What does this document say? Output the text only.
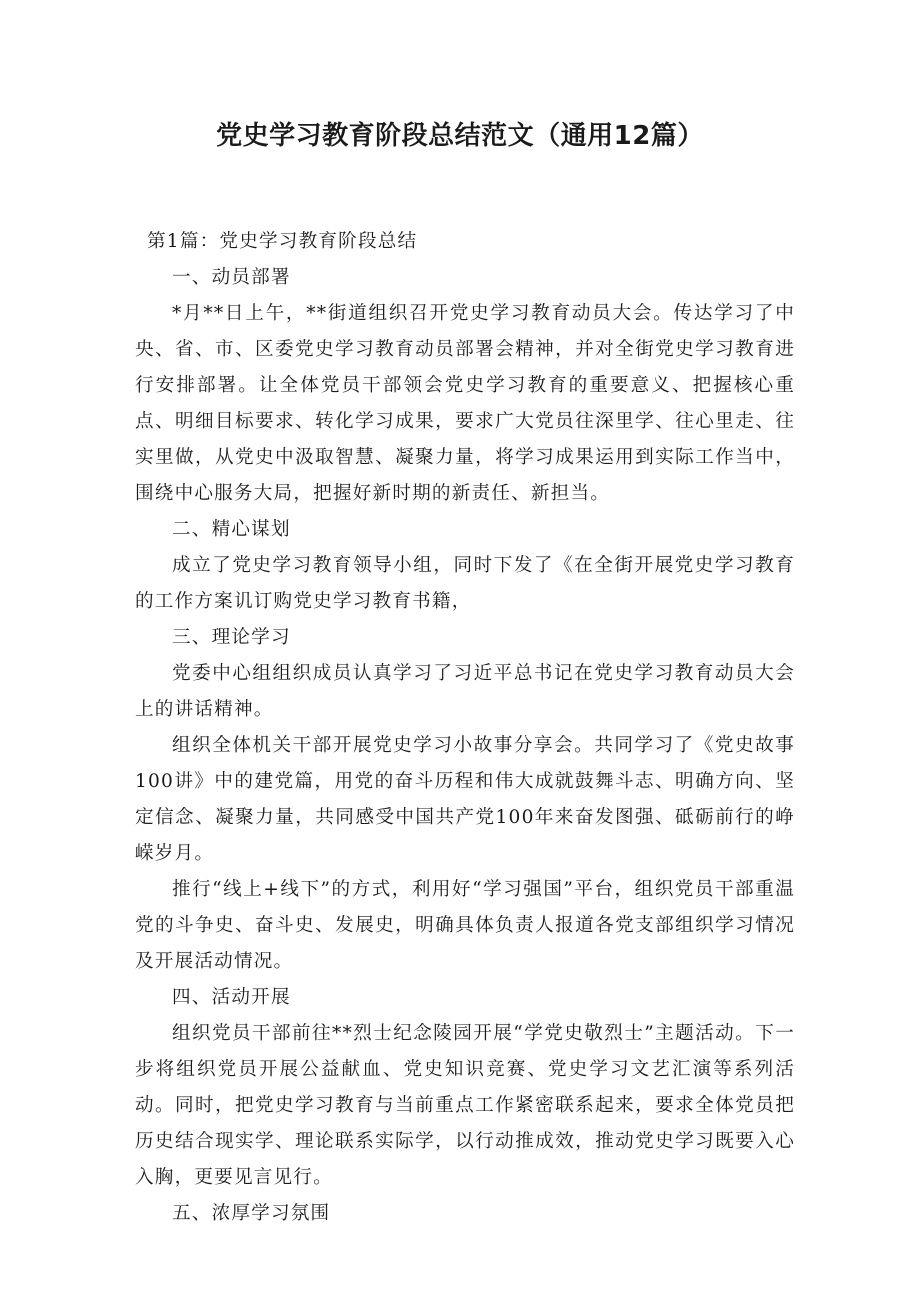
党史学习教育阶段总结范文（通用12篇）

第1篇：党史学习教育阶段总结

一、动员部署

*月**日上午，**街道组织召开党史学习教育动员大会。传达学习了中央、省、市、区委党史学习教育动员部署会精神，并对全街党史学习教育进行安排部署。让全体党员干部领会党史学习教育的重要意义、把握核心重点、明细目标要求、转化学习成果，要求广大党员往深里学、往心里走、往实里做，从党史中汲取智慧、凝聚力量，将学习成果运用到实际工作当中，围绕中心服务大局，把握好新时期的新责任、新担当。

二、精心谋划

成立了党史学习教育领导小组，同时下发了《在全街开展党史学习教育的工作方案讥订购党史学习教育书籍，

三、理论学习

党委中心组组织成员认真学习了习近平总书记在党史学习教育动员大会上的讲话精神。

组织全体机关干部开展党史学习小故事分享会。共同学习了《党史故事100讲》中的建党篇，用党的奋斗历程和伟大成就鼓舞斗志、明确方向、坚定信念、凝聚力量，共同感受中国共产党100年来奋发图强、砥砺前行的峥嵘岁月。

推行“线上+线下”的方式，利用好“学习强国”平台，组织党员干部重温党的斗争史、奋斗史、发展史，明确具体负责人报道各党支部组织学习情况及开展活动情况。

四、活动开展

组织党员干部前往**烈士纪念陵园开展“学党史敬烈士”主题活动。下一步将组织党员开展公益献血、党史知识竞赛、党史学习文艺汇演等系列活动。同时，把党史学习教育与当前重点工作紧密联系起来，要求全体党员把历史结合现实学、理论联系实际学，以行动推成效，推动党史学习既要入心入胸，更要见言见行。

五、浓厚学习氛围
